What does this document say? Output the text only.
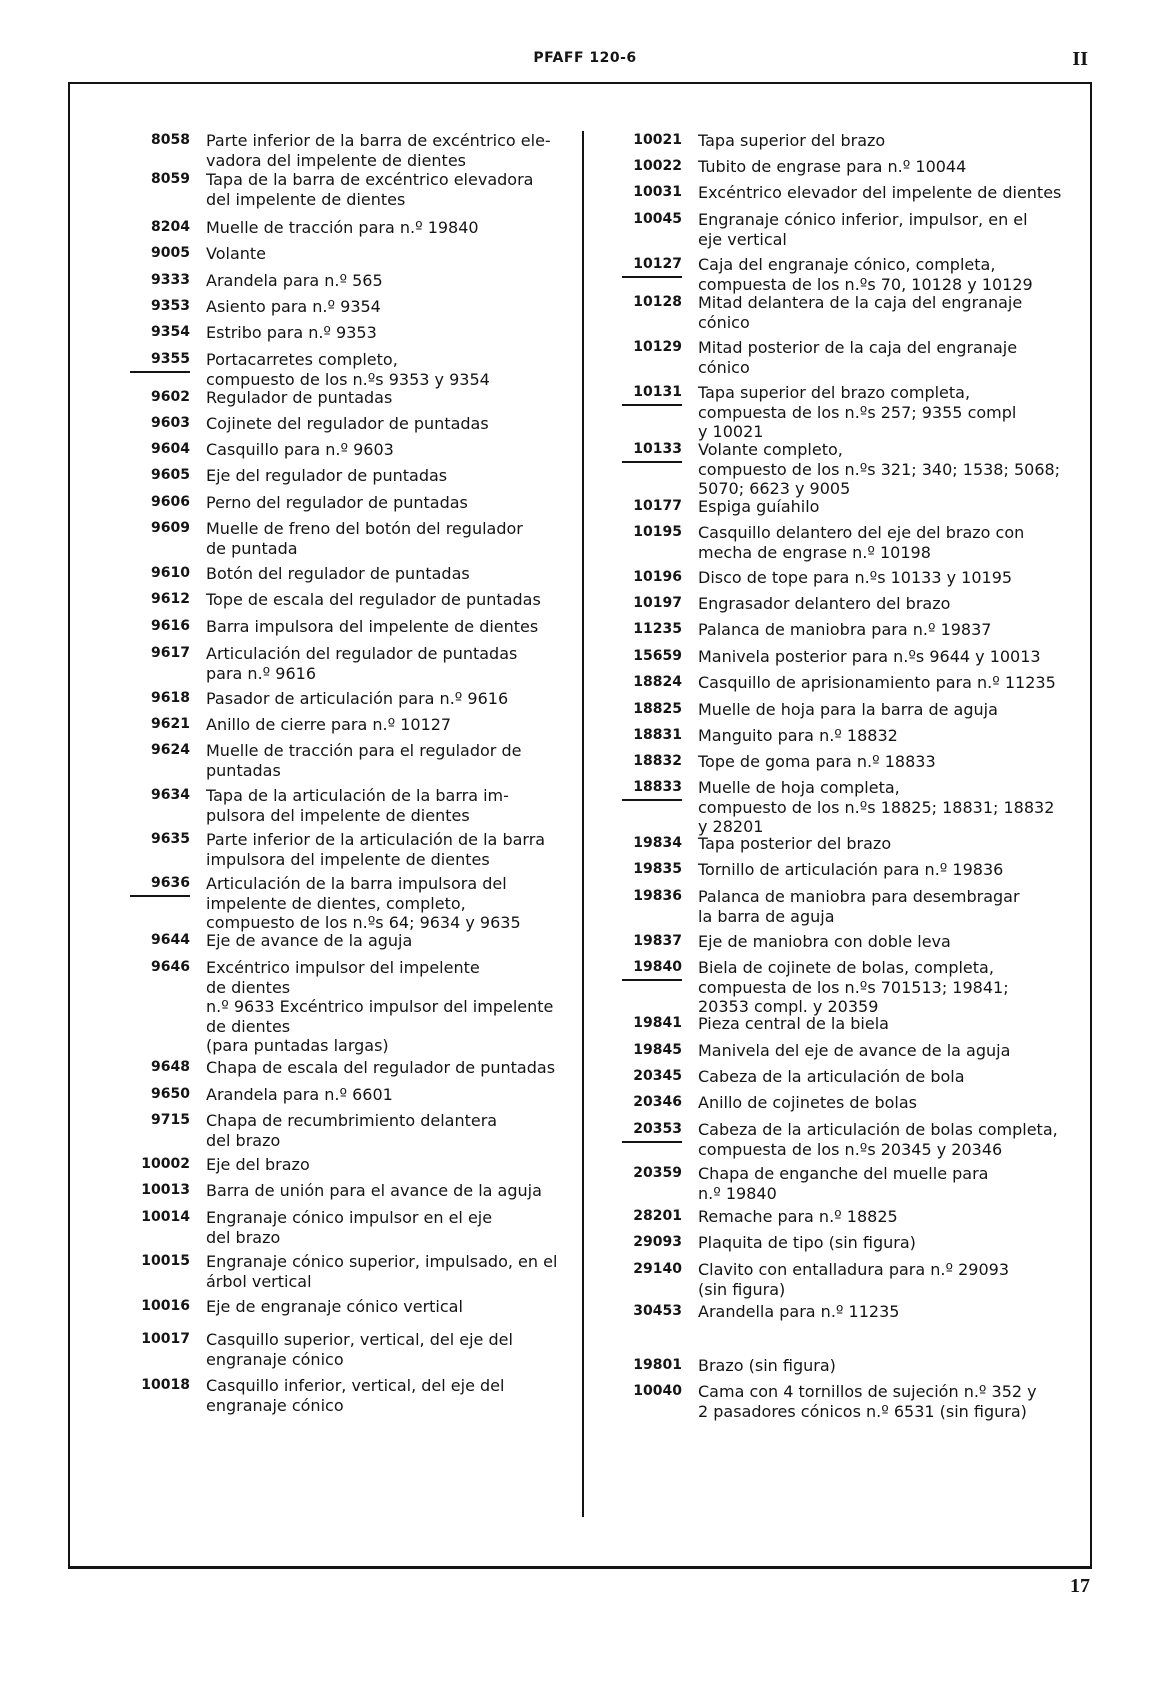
PFAFF 120-6	II
8058 Parte inferior de la barra de excéntrico ele-
vadora del impelente de dientes
8059 Tapa de la barra de excéntrico elevadora
del impelente de dientes
8204 Muelle de tracción para n.º 19840
9005 Volante
9333 Arandela para n.º 565
9353 Asiento para n.º 9354
9354 Estribo para n.º 9353
9355 Portacarretes completo,
compuesto de los n.ºs 9353 y 9354
9602 Regulador de puntadas
9603 Cojinete del regulador de puntadas
9604 Casquillo para n.º 9603
9605 Eje del regulador de puntadas
9606 Perno del regulador de puntadas
9609 Muelle de freno del botón del regulador
de puntada
9610 Botón del regulador de puntadas
9612 Tope de escala del regulador de puntadas
9616 Barra impulsora del impelente de dientes
9617 Articulación del regulador de puntadas
para n.º 9616
9618 Pasador de articulación para n.º 9616
9621 Anillo de cierre para n.º 10127
9624 Muelle de tracción para el regulador de
puntadas
9634 Tapa de la articulación de la barra im-
pulsora del impelente de dientes
9635 Parte inferior de la articulación de la barra
impulsora del impelente de dientes
9636 Articulación de la barra impulsora del
impelente de dientes, completo,
compuesto de los n.ºs 64; 9634 y 9635
9644 Eje de avance de la aguja
9646 Excéntrico impulsor del impelente
de dientes
n.º 9633 Excéntrico impulsor del impelente
de dientes
(para puntadas largas)
9648 Chapa de escala del regulador de puntadas
9650 Arandela para n.º 6601
9715 Chapa de recumbrimiento delantera
del brazo
10002 Eje del brazo
10013 Barra de unión para el avance de la aguja
10014 Engranaje cónico impulsor en el eje
del brazo
10015 Engranaje cónico superior, impulsado, en el
árbol vertical
10016 Eje de engranaje cónico vertical
10017 Casquillo superior, vertical, del eje del
engranaje cónico
10018 Casquillo inferior, vertical, del eje del
engranaje cónico
10021 Tapa superior del brazo
10022 Tubito de engrase para n.º 10044
10031 Excéntrico elevador del impelente de dientes
10045 Engranaje cónico inferior, impulsor, en el
eje vertical
10127 Caja del engranaje cónico, completa,
compuesta de los n.ºs 70, 10128 y 10129
10128 Mitad delantera de la caja del engranaje
cónico
10129 Mitad posterior de la caja del engranaje
cónico
10131 Tapa superior del brazo completa,
compuesta de los n.ºs 257; 9355 compl
y 10021
10133 Volante completo,
compuesto de los n.ºs 321; 340; 1538; 5068;
5070; 6623 y 9005
10177 Espiga guíahilo
10195 Casquillo delantero del eje del brazo con
mecha de engrase n.º 10198
10196 Disco de tope para n.ºs 10133 y 10195
10197 Engrasador delantero del brazo
11235 Palanca de maniobra para n.º 19837
15659 Manivela posterior para n.ºs 9644 y 10013
18824 Casquillo de aprisionamiento para n.º 11235
18825 Muelle de hoja para la barra de aguja
18831 Manguito para n.º 18832
18832 Tope de goma para n.º 18833
18833 Muelle de hoja completa,
compuesto de los n.ºs 18825; 18831; 18832
y 28201
19834 Tapa posterior del brazo
19835 Tornillo de articulación para n.º 19836
19836 Palanca de maniobra para desembragar
la barra de aguja
19837 Eje de maniobra con doble leva
19840 Biela de cojinete de bolas, completa,
compuesta de los n.ºs 701513; 19841;
20353 compl. y 20359
19841 Pieza central de la biela
19845 Manivela del eje de avance de la aguja
20345 Cabeza de la articulación de bola
20346 Anillo de cojinetes de bolas
20353 Cabeza de la articulación de bolas completa,
compuesta de los n.ºs 20345 y 20346
20359 Chapa de enganche del muelle para
n.º 19840
28201 Remache para n.º 18825
29093 Plaquita de tipo (sin figura)
29140 Clavito con entalladura para n.º 29093
(sin figura)
30453 Arandella para n.º 11235
19801 Brazo (sin figura)
10040 Cama con 4 tornillos de sujeción n.º 352 y
2 pasadores cónicos n.º 6531 (sin figura)
17
